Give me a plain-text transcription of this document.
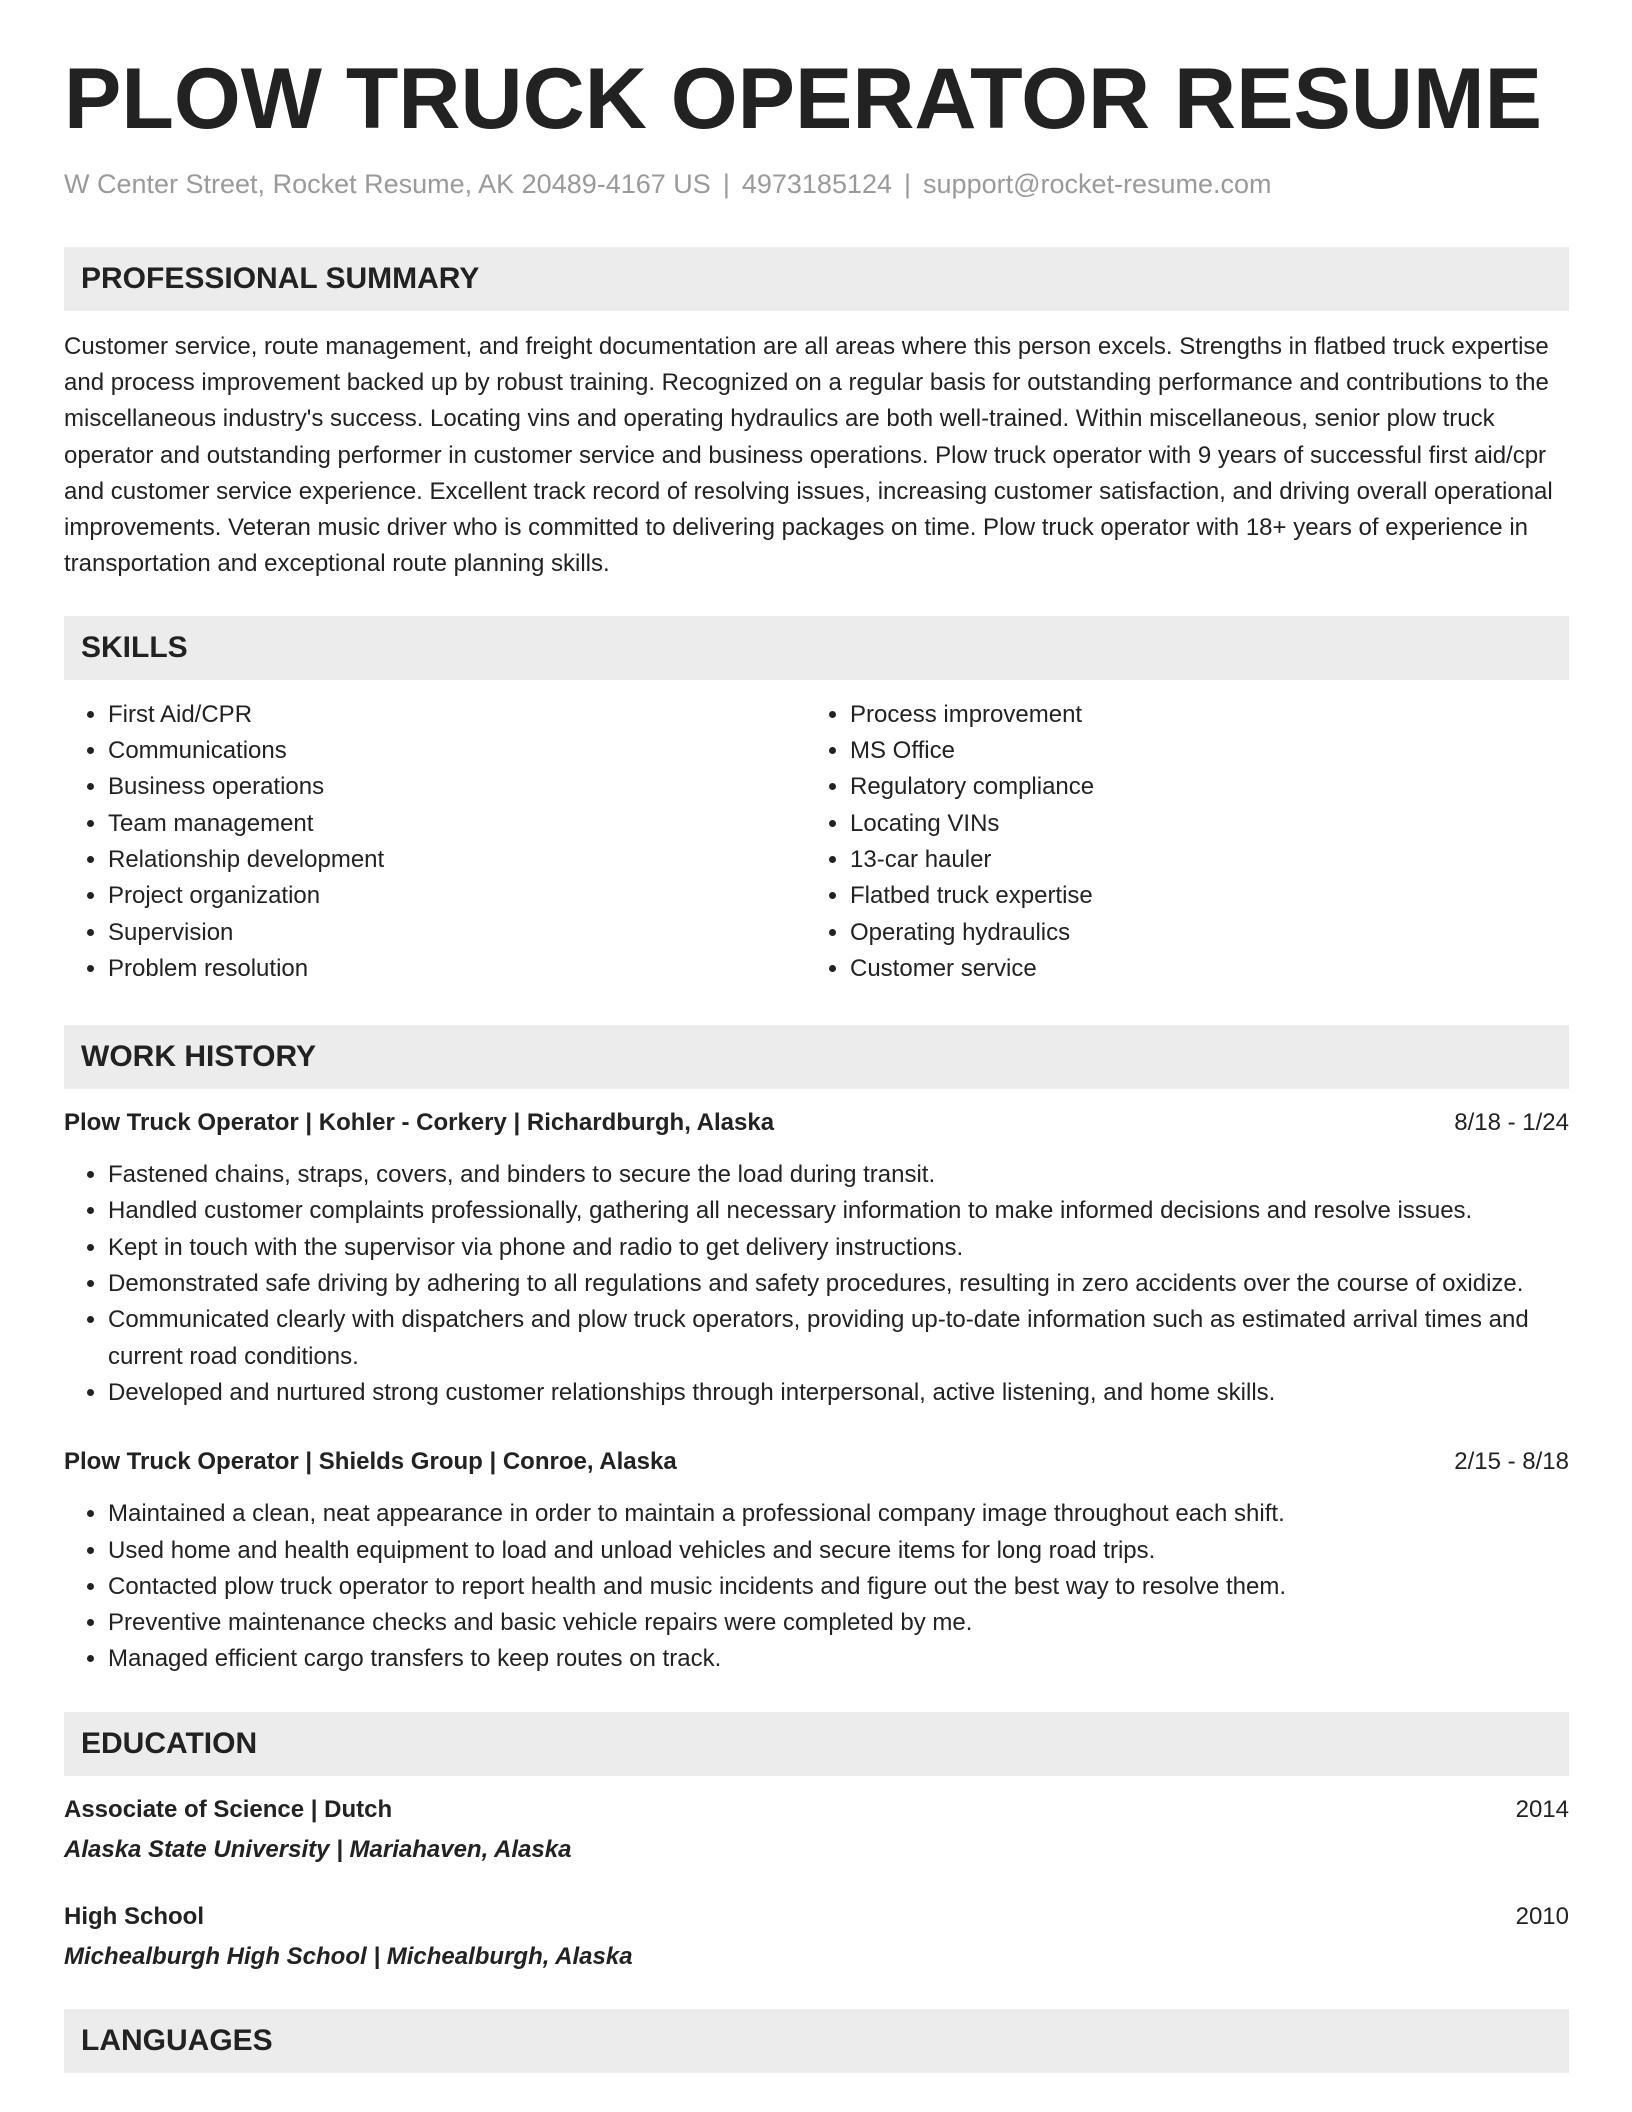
PLOW TRUCK OPERATOR RESUME
W Center Street, Rocket Resume, AK 20489-4167 US | 4973185124 | support@rocket-resume.com
PROFESSIONAL SUMMARY

Customer service, route management, and freight documentation are all areas where this person excels. Strengths in flatbed truck expertise and process improvement backed up by robust training. Recognized on a regular basis for outstanding performance and contributions to the miscellaneous industry's success. Locating vins and operating hydraulics are both well-trained. Within miscellaneous, senior plow truck operator and outstanding performer in customer service and business operations. Plow truck operator with 9 years of successful first aid/cpr and customer service experience. Excellent track record of resolving issues, increasing customer satisfaction, and driving overall operational improvements. Veteran music driver who is committed to delivering packages on time. Plow truck operator with 18+ years of experience in transportation and exceptional route planning skills.

SKILLS
• First Aid/CPR
• Communications
• Business operations
• Team management
• Relationship development
• Project organization
• Supervision
• Problem resolution
• Process improvement
• MS Office
• Regulatory compliance
• Locating VINs
• 13-car hauler
• Flatbed truck expertise
• Operating hydraulics
• Customer service
WORK HISTORY
Plow Truck Operator | Kohler - Corkery | Richardburgh, Alaska	8/18 - 1/24
• Fastened chains, straps, covers, and binders to secure the load during transit.
• Handled customer complaints professionally, gathering all necessary information to make informed decisions and resolve issues.
• Kept in touch with the supervisor via phone and radio to get delivery instructions.
• Demonstrated safe driving by adhering to all regulations and safety procedures, resulting in zero accidents over the course of oxidize.
• Communicated clearly with dispatchers and plow truck operators, providing up-to-date information such as estimated arrival times and current road conditions.
• Developed and nurtured strong customer relationships through interpersonal, active listening, and home skills.
Plow Truck Operator | Shields Group | Conroe, Alaska	2/15 - 8/18
• Maintained a clean, neat appearance in order to maintain a professional company image throughout each shift.
• Used home and health equipment to load and unload vehicles and secure items for long road trips.
• Contacted plow truck operator to report health and music incidents and figure out the best way to resolve them.
• Preventive maintenance checks and basic vehicle repairs were completed by me.
• Managed efficient cargo transfers to keep routes on track.
EDUCATION
Associate of Science | Dutch	2014
Alaska State University | Mariahaven, Alaska
High School	2010
Michealburgh High School | Michealburgh, Alaska
LANGUAGES
